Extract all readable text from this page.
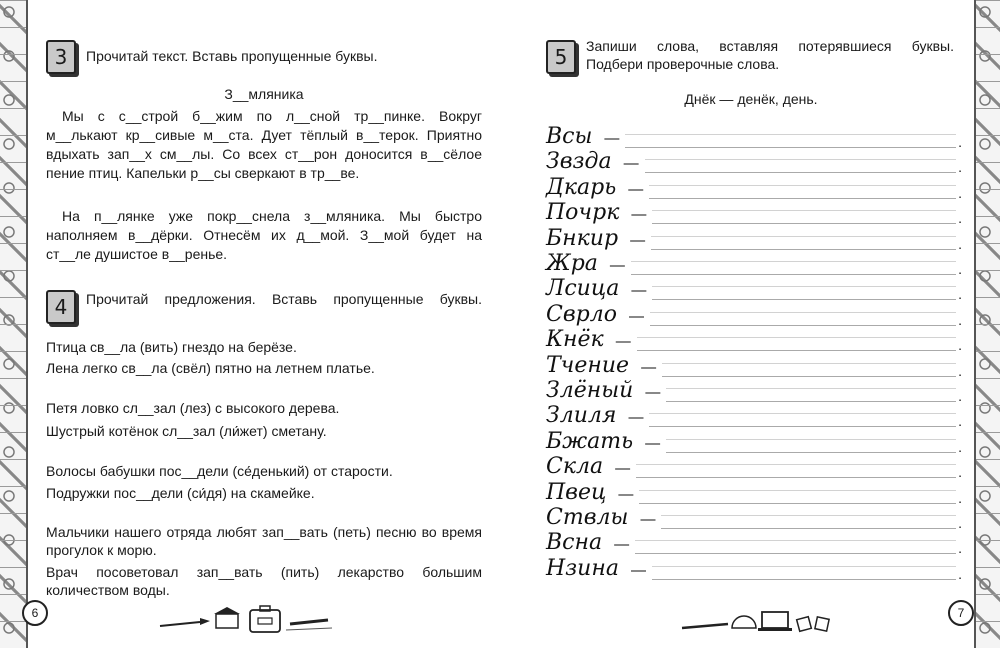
3	Прочитай текст. Вставь пропущенные буквы.
З__мляника
Мы с с__строй б__жим по л__сной тр__пинке. Вокруг м__лькают кр__сивые м__ста. Дует тёплый в__терок. Приятно вдыхать зап__х см__лы. Со всех ст__рон доносится в__сёлое пение птиц. Капельки р__сы сверкают в тр__ве.
На п__лянке уже покр__снела з__мляника. Мы быстро наполняем в__дёрки. Отнесём их д__мой. З__мой будет на ст__ле душистое в__ренье.
4	Прочитай предложения. Вставь пропущенные буквы.
Птица св__ла (вить) гнездо на берёзе.
Лена легко св__ла (свёл) пятно на летнем платье.
Петя ловко сл__зал (лез) с высокого дерева.
Шустрый котёнок сл__зал (ли́жет) сметану.
Волосы бабушки пос__дели (се́денький) от старости.
Подружки пос__дели (си́дя) на скамейке.
Мальчики нашего отряда любят зап__вать (петь) песню во время прогулок к морю.
Врач посоветовал зап__вать (пить) лекарство большим количеством воды.
6
5	Запиши слова, вставляя потерявшиеся буквы.
Подбери проверочные слова.
Днёк — денёк, день.
Всы —	.
Звзда —	.
Дкарь —	.
Почрк —	.
Бнкир —	.
Жра —	.
Лсица —	.
Сврло —	.
Кнёк —	.
Тчение —	.
Злёный —	.
Злиля —	.
Бжать —	.
Скла —	.
Пвец —	.
Ствлы —	.
Всна —	.
Нзина —	.
7
